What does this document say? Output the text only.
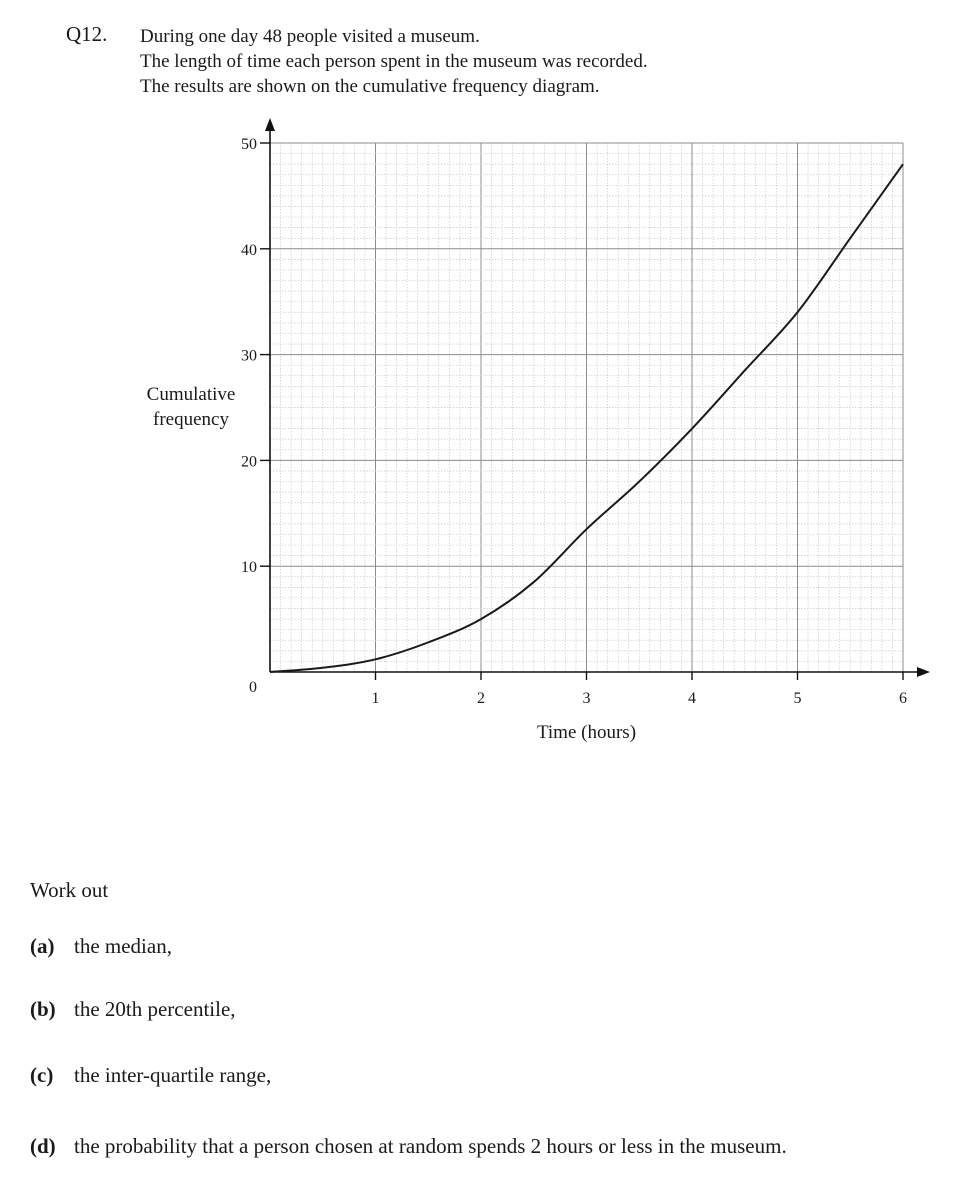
Q12. During one day 48 people visited a museum.
The length of time each person spent in the museum was recorded.
The results are shown on the cumulative frequency diagram.
1	2	3	4	5	6
10
20
30
40
50
0
Time (hours)
Cumulative
frequency
Work out
(a) the median,
(b) the 20th percentile,
(c) the inter-quartile range,
(d) the probability that a person chosen at random spends 2 hours or less in the museum.
